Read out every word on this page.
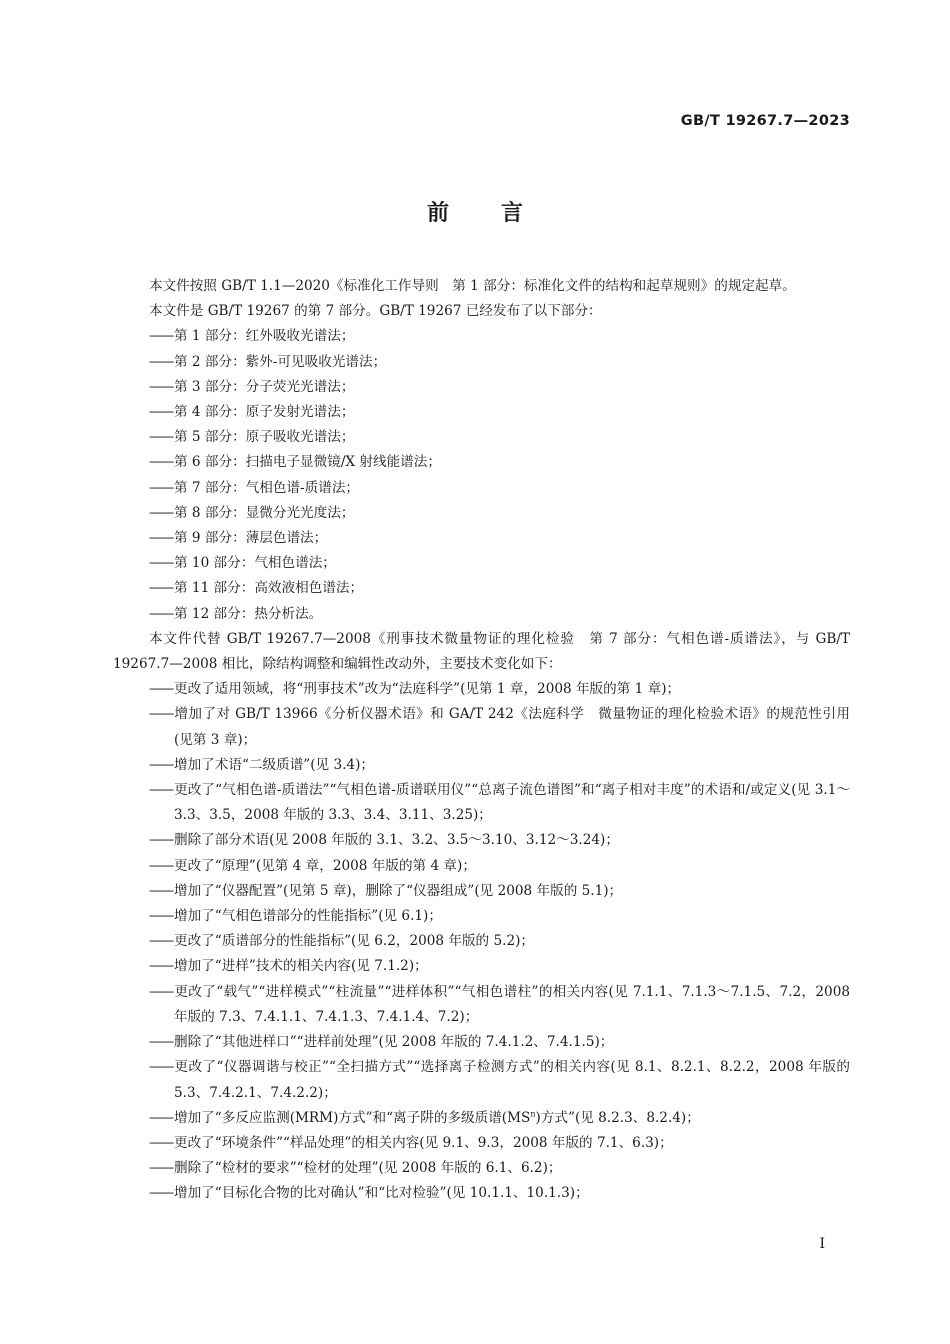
GB/T 19267.7—2023
前言

本文件按照 GB/T 1.1—2020《标准化工作导则　第 1 部分：标准化文件的结构和起草规则》的规定起草。

本文件是 GB/T 19267 的第 7 部分。GB/T 19267 已经发布了以下部分：

—— 第 1 部分：红外吸收光谱法；

—— 第 2 部分：紫外-可见吸收光谱法；

—— 第 3 部分：分子荧光光谱法；

—— 第 4 部分：原子发射光谱法；

—— 第 5 部分：原子吸收光谱法；

—— 第 6 部分：扫描电子显微镜/X 射线能谱法；

—— 第 7 部分：气相色谱-质谱法；

—— 第 8 部分：显微分光光度法；

—— 第 9 部分：薄层色谱法；

—— 第 10 部分：气相色谱法；

—— 第 11 部分：高效液相色谱法；

—— 第 12 部分：热分析法。

本文件代替 GB/T 19267.7—2008《刑事技术微量物证的理化检验　第 7 部分：气相色谱-质谱法》，与 GB/T 19267.7—2008 相比，除结构调整和编辑性改动外，主要技术变化如下：

—— 更改了适用领域，将“刑事技术”改为“法庭科学”(见第 1 章，2008 年版的第 1 章)；

—— 增加了对 GB/T 13966《分析仪器术语》和 GA/T 242《法庭科学　微量物证的理化检验术语》的规范性引用(见第 3 章)；

—— 增加了术语“二级质谱”(见 3.4)；

—— 更改了“气相色谱-质谱法”“气相色谱-质谱联用仪”“总离子流色谱图”和“离子相对丰度”的术语和/或定义(见 3.1～3.3、3.5，2008 年版的 3.3、3.4、3.11、3.25)；

—— 删除了部分术语(见 2008 年版的 3.1、3.2、3.5～3.10、3.12～3.24)；

—— 更改了“原理”(见第 4 章，2008 年版的第 4 章)；

—— 增加了“仪器配置”(见第 5 章)，删除了“仪器组成”(见 2008 年版的 5.1)；

—— 增加了“气相色谱部分的性能指标”(见 6.1)；

—— 更改了“质谱部分的性能指标”(见 6.2，2008 年版的 5.2)；

—— 增加了“进样”技术的相关内容(见 7.1.2)；

—— 更改了“载气”“进样模式”“柱流量”“进样体积”“气相色谱柱”的相关内容(见 7.1.1、7.1.3～7.1.5、7.2，2008 年版的 7.3、7.4.1.1、7.4.1.3、7.4.1.4、7.2)；

—— 删除了“其他进样口”“进样前处理”(见 2008 年版的 7.4.1.2、7.4.1.5)；

—— 更改了“仪器调谐与校正”“全扫描方式”“选择离子检测方式”的相关内容(见 8.1、8.2.1、8.2.2，2008 年版的 5.3、7.4.2.1、7.4.2.2)；

—— 增加了“多反应监测(MRM)方式”和“离子阱的多级质谱$(MS^n)$方式”(见 8.2.3、8.2.4)；

—— 更改了“环境条件”“样品处理”的相关内容(见 9.1、9.3，2008 年版的 7.1、6.3)；

—— 删除了“检材的要求”“检材的处理”(见 2008 年版的 6.1、6.2)；

—— 增加了“目标化合物的比对确认”和“比对检验”(见 10.1.1、10.1.3)；

I
